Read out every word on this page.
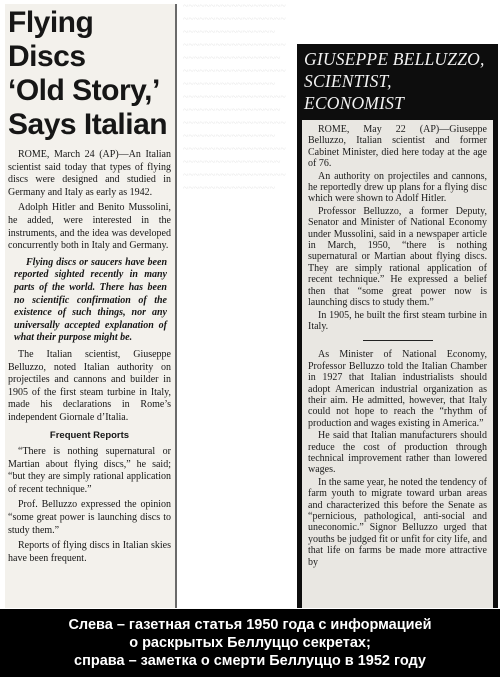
~~~~~~~~~~~~~~~~~~~
~~~~~~~~~~~~~~~~~~~
~~~~~~~~~~~~~~~~~
~~~~~~~~~~~~~~~~~~~
~~~~~~~~~~~~~~~~~~
~~~~~~~~~~~~~~~~~~~
~~~~~~~~~~~~~~~~~
~~~~~~~~~~~~~~~~~~~
~~~~~~~~~~~~~~~~~~
~~~~~~~~~~~~~~~~~~~
~~~~~~~~~~~~~~~~~
~~~~~~~~~~~~~~~~~~~
~~~~~~~~~~~~~~~~~~
~~~~~~~~~~~~~~~~~~~
~~~~~~~~~~~~~~~~~
Flying Discs
‘Old Story,’
Says Italian

ROME, March 24 (AP)—An Italian scientist said today that types of flying discs were designed and studied in Germany and Italy as early as 1942.

Adolph Hitler and Benito Mussolini, he added, were interested in the instruments, and the idea was developed concurrently both in Italy and Germany.

Flying discs or saucers have been reported sighted recently in many parts of the world. There has been no scientific confirmation of the existence of such things, nor any universally accepted explanation of what their purpose might be.

The Italian scientist, Giuseppe Belluzzo, noted Italian authority on projectiles and cannons and builder in 1905 of the first steam turbine in Italy, made his declarations in Rome’s independent Giornale d’Italia.

Frequent Reports

“There is nothing supernatural or Martian about flying discs,” he said; “but they are simply rational application of recent technique.”

Prof. Belluzzo expressed the opinion “some great power is launching discs to study them.”

Reports of flying discs in Italian skies have been frequent.

GIUSEPPE BELLUZZO,
SCIENTIST, ECONOMIST

ROME, May 22 (AP)—Giuseppe Belluzzo, Italian scientist and former Cabinet Minister, died here today at the age of 76.

An authority on projectiles and cannons, he reportedly drew up plans for a flying disc which were shown to Adolf Hitler.

Professor Belluzzo, a former Deputy, Senator and Minister of National Economy under Mussolini, said in a newspaper article in March, 1950, “there is nothing supernatural or Martian about flying discs. They are simply rational application of recent technique.” He expressed a belief then that “some great power now is launching discs to study them.”

In 1905, he built the first steam turbine in Italy.

As Minister of National Economy, Professor Belluzzo told the Italian Chamber in 1927 that Italian industrialists should adopt American industrial organization as their aim. He admitted, however, that Italy could not hope to reach the “rhythm of production and wages existing in America.”

He said that Italian manufacturers should reduce the cost of production through technical improvement rather than lowered wages.

In the same year, he noted the tendency of farm youth to migrate toward urban areas and characterized this before the Senate as “pernicious, pathological, anti-social and uneconomic.” Signor Belluzzo urged that youths be judged fit or unfit for city life, and that life on farms be made more attractive by

Слева – газетная статья 1950 года с информацией
о раскрытых Беллуццо секретах;
справа – заметка о смерти Беллуццо в 1952 году
